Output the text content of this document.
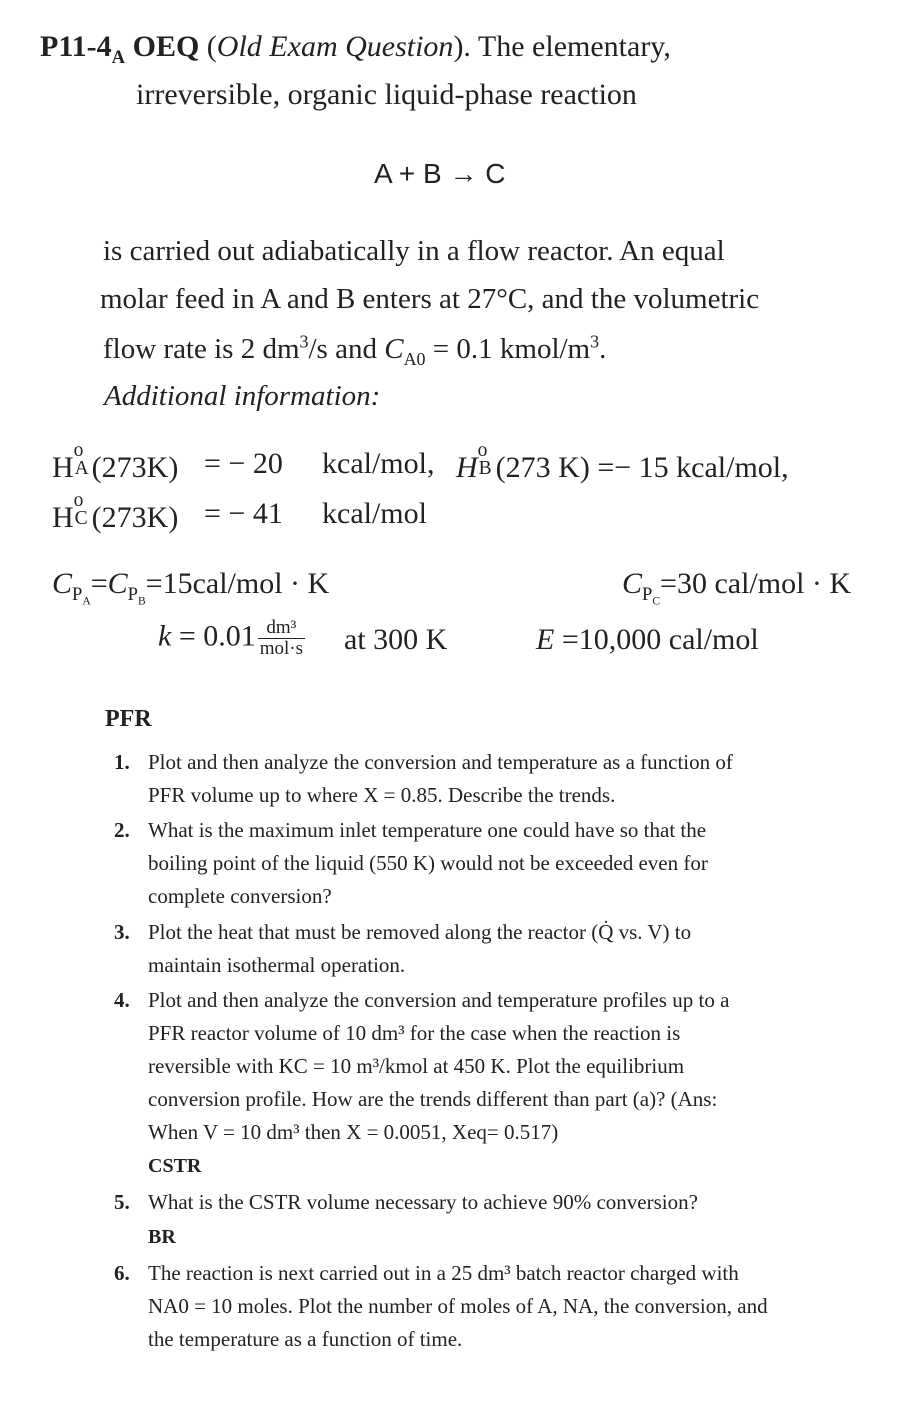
$P11-4_A$ OEQ (Old Exam Question). The elementary,
irreversible, organic liquid-phase reaction
A + B → C
is carried out adiabatically in a flow reactor. An equal
molar feed in A and B enters at 27°C, and the volumetric
flow rate is 2 $dm^3/s$ and $C_{A0} = 0.1$ kmol/$m^3$.
Additional information:
H
o
A (273K) = − 20 kcal/mol, H
o
B (273 K) =− 15 kcal/mol,
H
o
C (273K) = − 41 kcal/mol
$C_{P_A}=C_{P_B}=15cal$/mol · K	$C_{P_C}=30$ cal/mol · K
$k = 0.01 \frac{\text{dm³}}{\text{mol·s}}$ at 300 K	E =10,000 cal/mol
PFR
1. Plot and then analyze the conversion and temperature as a function of
PFR volume up to where X = 0.85. Describe the trends.
2. What is the maximum inlet temperature one could have so that the
boiling point of the liquid (550 K) would not be exceeded even for
complete conversion?
3. Plot the heat that must be removed along the reactor (Q̇ vs. V) to
maintain isothermal operation.
4. Plot and then analyze the conversion and temperature profiles up to a
PFR reactor volume of 10 dm³ for the case when the reaction is
reversible with KC = 10 m³/kmol at 450 K. Plot the equilibrium
conversion profile. How are the trends different than part (a)? (Ans:
When V = 10 dm³ then X = 0.0051, Xeq= 0.517)
CSTR
5. What is the CSTR volume necessary to achieve 90% conversion?
BR
6. The reaction is next carried out in a 25 dm³ batch reactor charged with
NA0 = 10 moles. Plot the number of moles of A, NA, the conversion, and
the temperature as a function of time.
